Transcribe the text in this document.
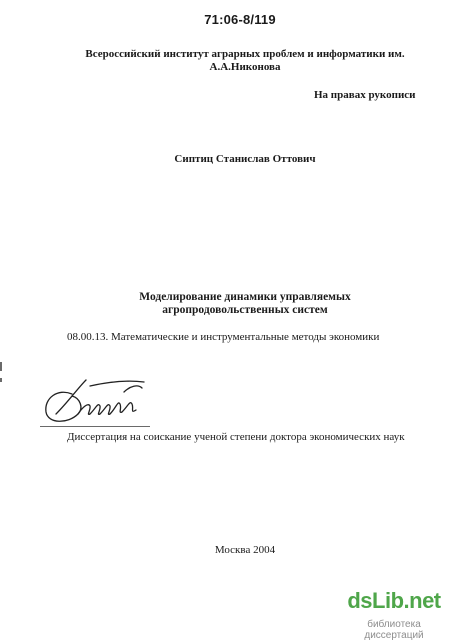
71:06-8/119
Всероссийский институт аграрных проблем и информатики им.
А.А.Никонова
На правах рукописи
Сиптиц Станислав Оттович
Моделирование динамики управляемых
агропродовольственных систем
08.00.13. Математические и инструментальные методы экономики
Диссертация на соискание ученой степени доктора экономических наук
Москва 2004
dsLib.net
библиотека диссертаций
